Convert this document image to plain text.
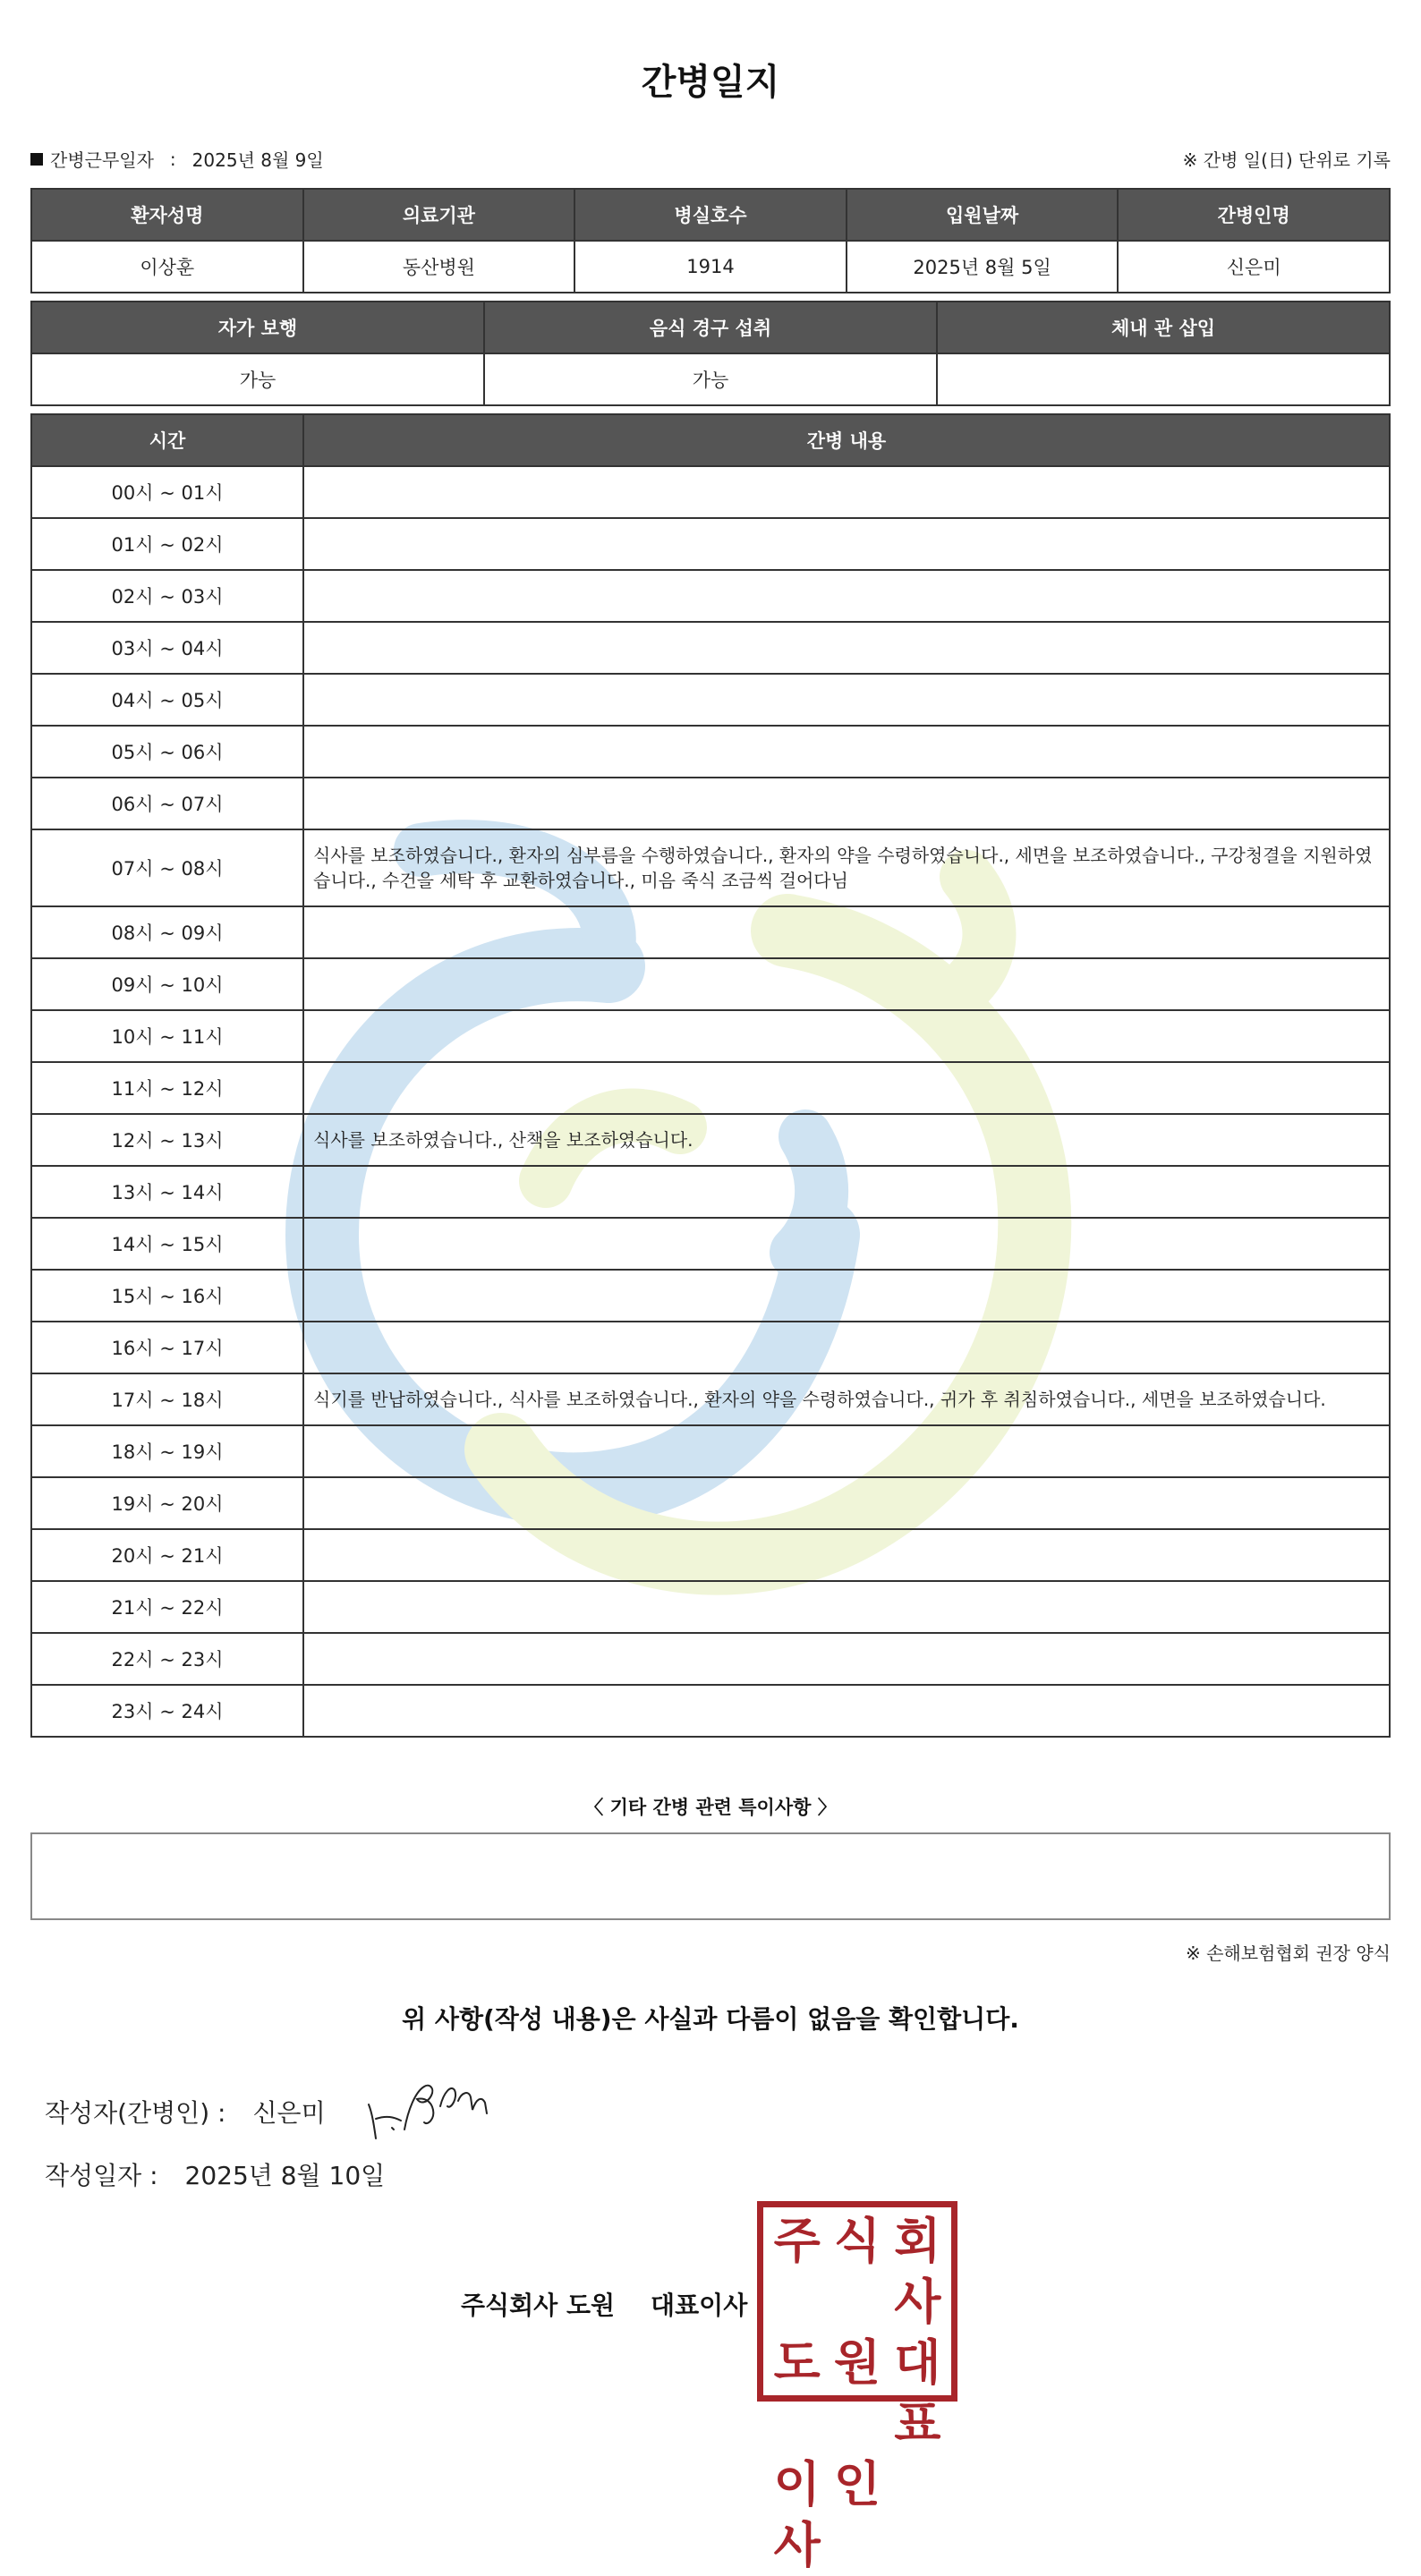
간병일지
간병근무일자 : 2025년 8월 9일	※ 간병 일(日) 단위로 기록
환자성명	의료기관	병실호수	입원날짜	간병인명
이상훈	동산병원	1914	2025년 8월 5일	신은미
자가 보행	음식 경구 섭취	체내 관 삽입
가능	가능	
시간	간병 내용
00시 ~ 01시	
01시 ~ 02시	
02시 ~ 03시	
03시 ~ 04시	
04시 ~ 05시	
05시 ~ 06시	
06시 ~ 07시	
07시 ~ 08시	식사를 보조하였습니다., 환자의 심부름을 수행하였습니다., 환자의 약을 수령하였습니다., 세면을 보조하였습니다., 구강청결을 지원하였습니다., 수건을 세탁 후 교환하였습니다., 미음 죽식 조금씩 걸어다님
08시 ~ 09시	
09시 ~ 10시	
10시 ~ 11시	
11시 ~ 12시	
12시 ~ 13시	식사를 보조하였습니다., 산책을 보조하였습니다.
13시 ~ 14시	
14시 ~ 15시	
15시 ~ 16시	
16시 ~ 17시	
17시 ~ 18시	식기를 반납하였습니다., 식사를 보조하였습니다., 환자의 약을 수령하였습니다., 귀가 후 취침하였습니다., 세면을 보조하였습니다.
18시 ~ 19시	
19시 ~ 20시	
20시 ~ 21시	
21시 ~ 22시	
22시 ~ 23시	
23시 ~ 24시	
〈 기타 간병 관련 특이사항 〉
※ 손해보험협회 권장 양식
위 사항(작성 내용)은 사실과 다름이 없음을 확인합니다.
작성자(간병인) : 신은미
작성일자 : 2025년 8월 10일
주식회사 도원 대표이사
주 식 회사
도 원 대표
이사
인
